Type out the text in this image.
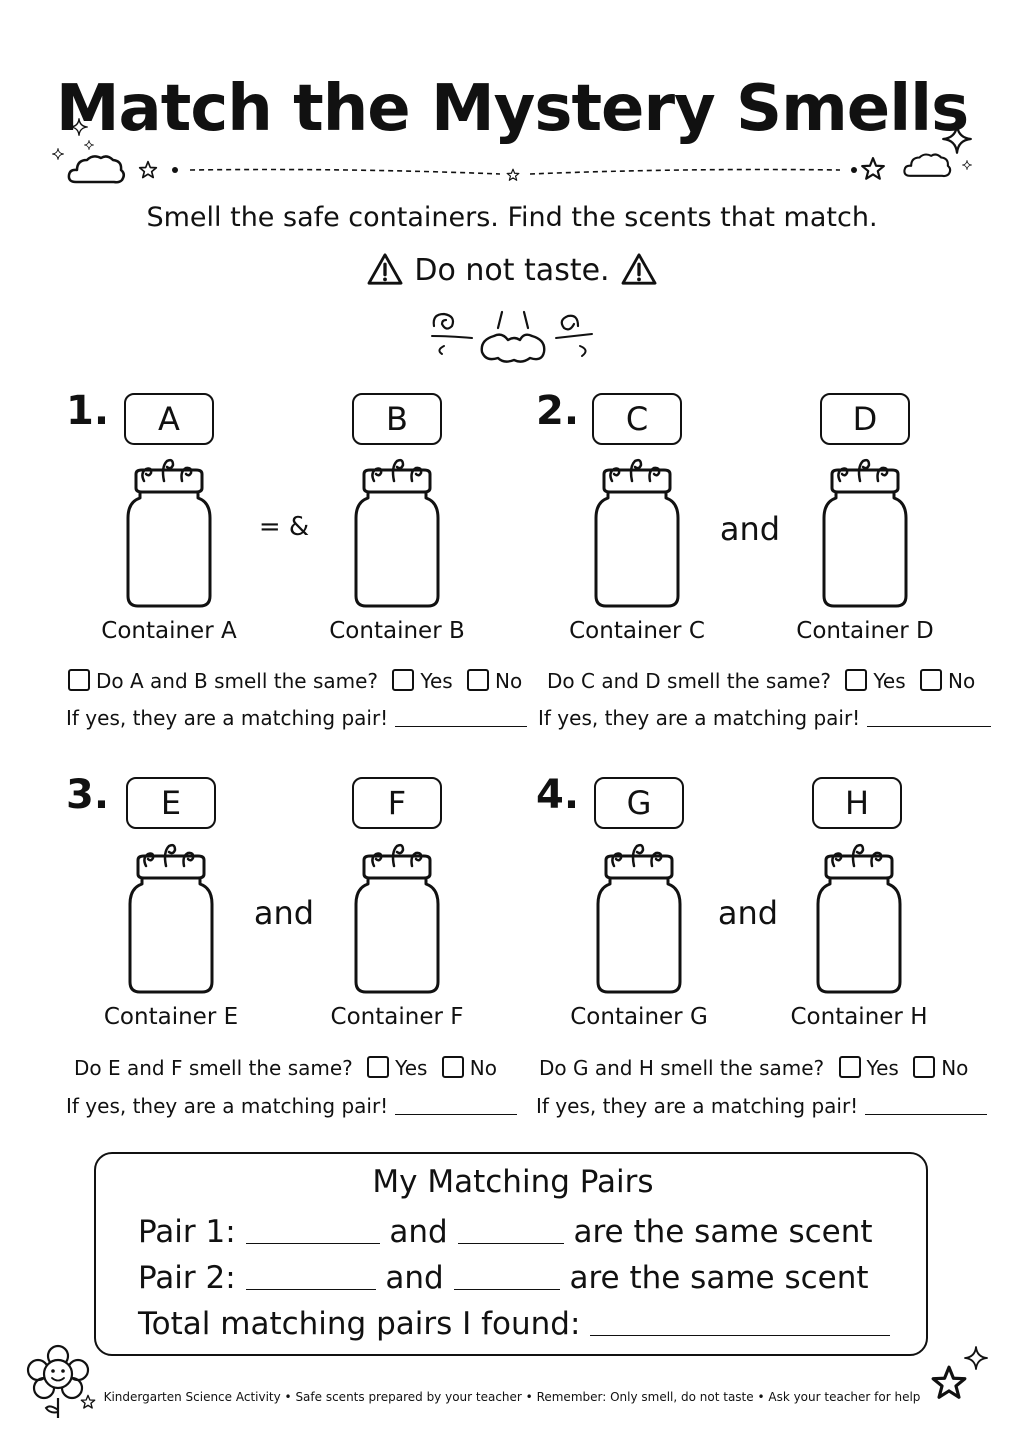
Match the Mystery Smells
Smell the safe containers. Find the scents that match.
Do not taste.
1.	A	B
= &
Container A	Container B
Do A and B smell the same? Yes No
If yes, they are a matching pair!
2.	C	D
and
Container C	Container D
Do C and D smell the same? Yes No
If yes, they are a matching pair!
3.	E	F
and
Container E	Container F
Do E and F smell the same? Yes No
If yes, they are a matching pair!
4.	G	H
and
Container G	Container H
Do G and H smell the same? Yes No
If yes, they are a matching pair!
My Matching Pairs
Pair 1:	and	are the same scent
Pair 2:	and	are the same scent
Total matching pairs I found:
Kindergarten Science Activity • Safe scents prepared by your teacher • Remember: Only smell, do not taste • Ask your teacher for help
